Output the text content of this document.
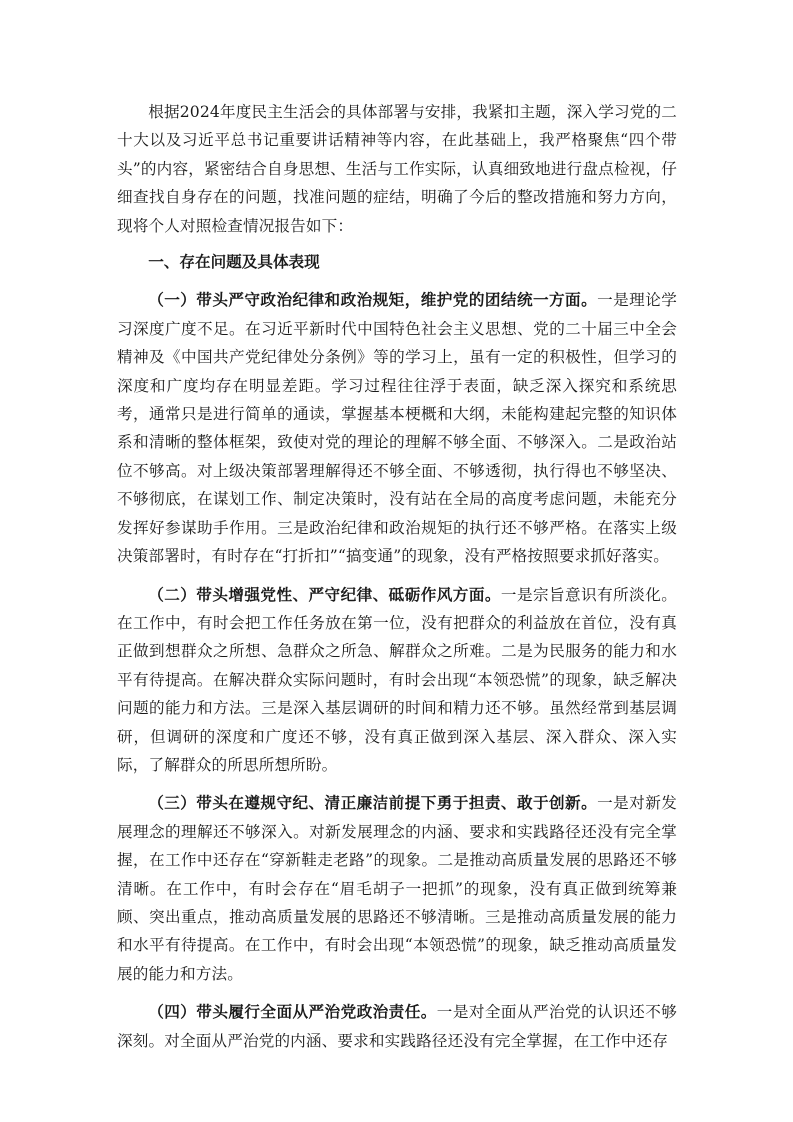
根据2024年度民主生活会的具体部署与安排，我紧扣主题，深入学习党的二十大以及习近平总书记重要讲话精神等内容，在此基础上，我严格聚焦“四个带头”的内容，紧密结合自身思想、生活与工作实际，认真细致地进行盘点检视，仔细查找自身存在的问题，找准问题的症结，明确了今后的整改措施和努力方向，现将个人对照检查情况报告如下：

一、存在问题及具体表现

（一）带头严守政治纪律和政治规矩，维护党的团结统一方面。一是理论学习深度广度不足。在习近平新时代中国特色社会主义思想、党的二十届三中全会精神及《中国共产党纪律处分条例》等的学习上，虽有一定的积极性，但学习的深度和广度均存在明显差距。学习过程往往浮于表面，缺乏深入探究和系统思考，通常只是进行简单的通读，掌握基本梗概和大纲，未能构建起完整的知识体系和清晰的整体框架，致使对党的理论的理解不够全面、不够深入。二是政治站位不够高。对上级决策部署理解得还不够全面、不够透彻，执行得也不够坚决、不够彻底，在谋划工作、制定决策时，没有站在全局的高度考虑问题，未能充分发挥好参谋助手作用。三是政治纪律和政治规矩的执行还不够严格。在落实上级决策部署时，有时存在“打折扣”“搞变通”的现象，没有严格按照要求抓好落实。

（二）带头增强党性、严守纪律、砥砺作风方面。一是宗旨意识有所淡化。在工作中，有时会把工作任务放在第一位，没有把群众的利益放在首位，没有真正做到想群众之所想、急群众之所急、解群众之所难。二是为民服务的能力和水平有待提高。在解决群众实际问题时，有时会出现“本领恐慌”的现象，缺乏解决问题的能力和方法。三是深入基层调研的时间和精力还不够。虽然经常到基层调研，但调研的深度和广度还不够，没有真正做到深入基层、深入群众、深入实际，了解群众的所思所想所盼。

（三）带头在遵规守纪、清正廉洁前提下勇于担责、敢于创新。一是对新发展理念的理解还不够深入。对新发展理念的内涵、要求和实践路径还没有完全掌握，在工作中还存在“穿新鞋走老路”的现象。二是推动高质量发展的思路还不够清晰。在工作中，有时会存在“眉毛胡子一把抓”的现象，没有真正做到统筹兼顾、突出重点，推动高质量发展的思路还不够清晰。三是推动高质量发展的能力和水平有待提高。在工作中，有时会出现“本领恐慌”的现象，缺乏推动高质量发展的能力和方法。

（四）带头履行全面从严治党政治责任。一是对全面从严治党的认识还不够深刻。对全面从严治党的内涵、要求和实践路径还没有完全掌握，在工作中还存
